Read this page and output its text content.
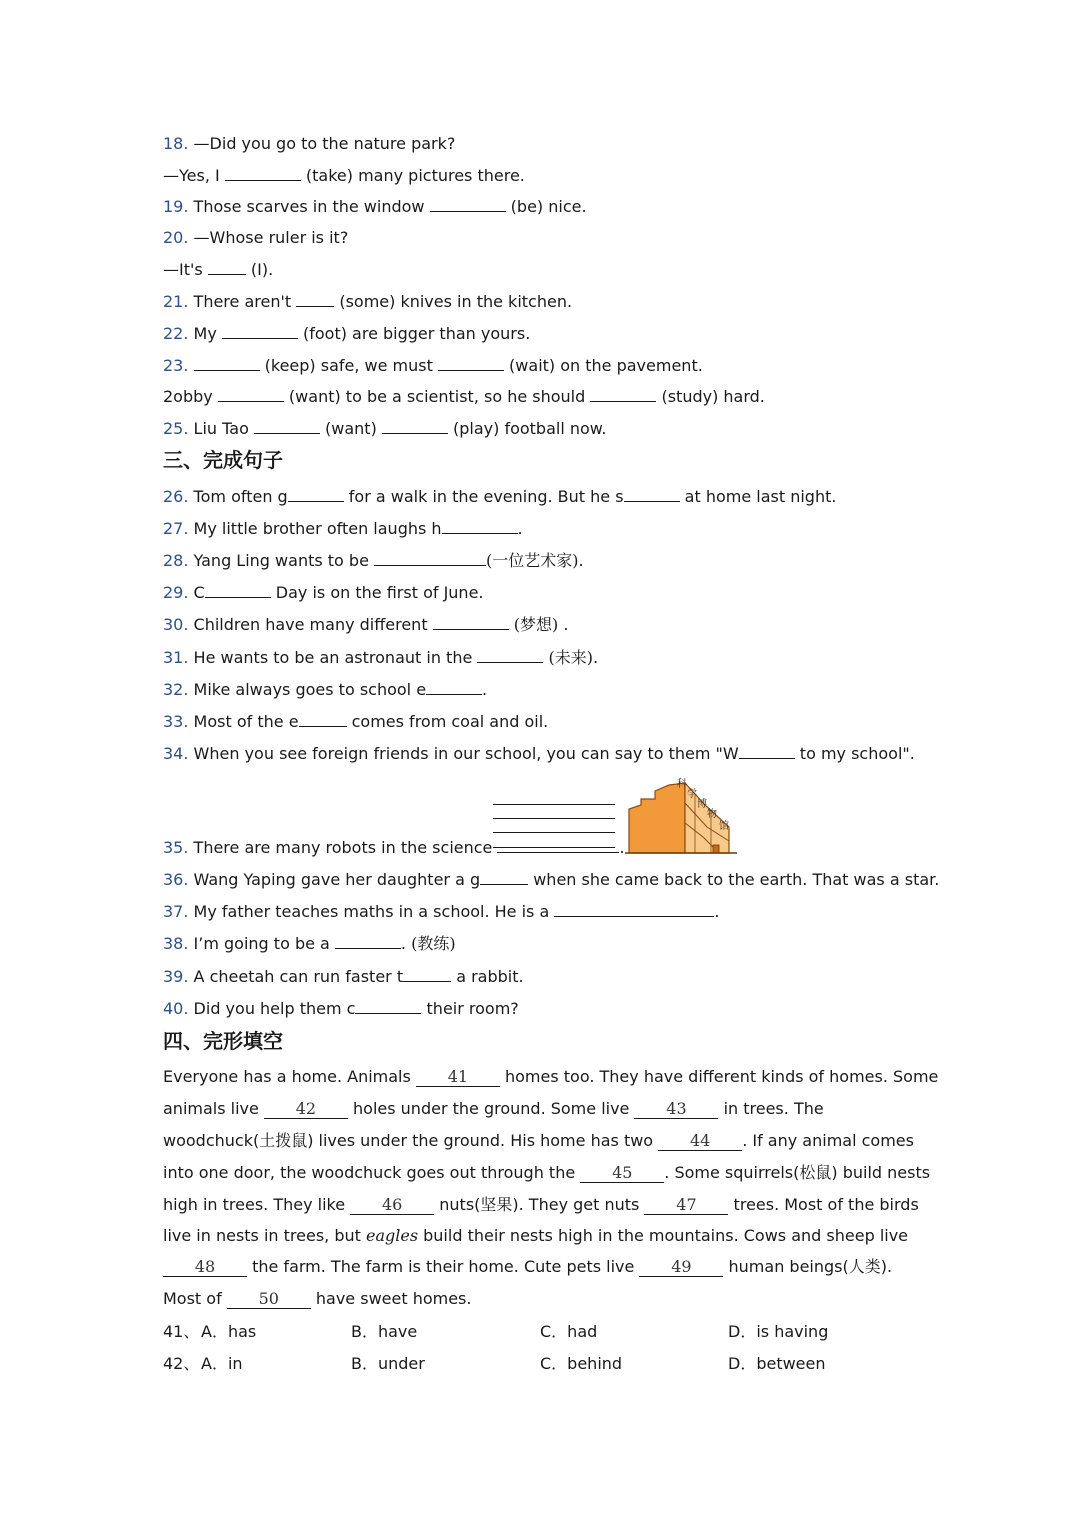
18. —Did you go to the nature park?
—Yes, I	(take) many pictures there.
19. Those scarves in the window	(be) nice.
20. —Whose ruler is it?
—It's  (I).
21. There aren't  (some) knives in the kitchen.
22. My	(foot) are bigger than yours.
23.	(keep) safe, we must	(wait) on the pavement.
2obby	(want) to be a scientist, so he should	(study) hard.
25. Liu Tao	(want)	(play) football now.
三、完成句子
26. Tom often g	for a walk in the evening. But he s	at home last night.
27. My little brother often laughs h	.
28. Yang Ling wants to be	(一位艺术家).
29. C	Day is on the first of June.
30. Children have many different	(梦想) .
31. He wants to be an astronaut in the	(未来).
32. Mike always goes to school e	.
33. Most of the e	comes from coal and oil.
34. When you see foreign friends in our school, you can say to them "W	to my school".
科
学
博
物
馆
35. There are many robots in the science	.
36. Wang Yaping gave her daughter a g	when she came back to the earth. That was a star.
37. My father teaches maths in a school. He is a	.
38. I’m going to be a	. (教练)
39. A cheetah can run faster t	a rabbit.
40. Did you help them c	their room?
四、完形填空
Everyone has a home. Animals 41 homes too. They have different kinds of homes. Some
animals live 42 holes under the ground. Some live 43 in trees. The
woodchuck(土拨鼠) lives under the ground. His home has two 44 . If any animal comes
into one door, the woodchuck goes out through the 45 . Some squirrels(松鼠) build nests
high in trees. They like 46 nuts(坚果). They get nuts 47 trees. Most of the birds
live in nests in trees, but eagles build their nests high in the mountains. Cows and sheep live
48 the farm. The farm is their home. Cute pets live 49 human beings(人类).
Most of 50 have sweet homes.
41、 A．has	B．have	C．had	D．is having
42、 A．in	B．under	C．behind	D．between
